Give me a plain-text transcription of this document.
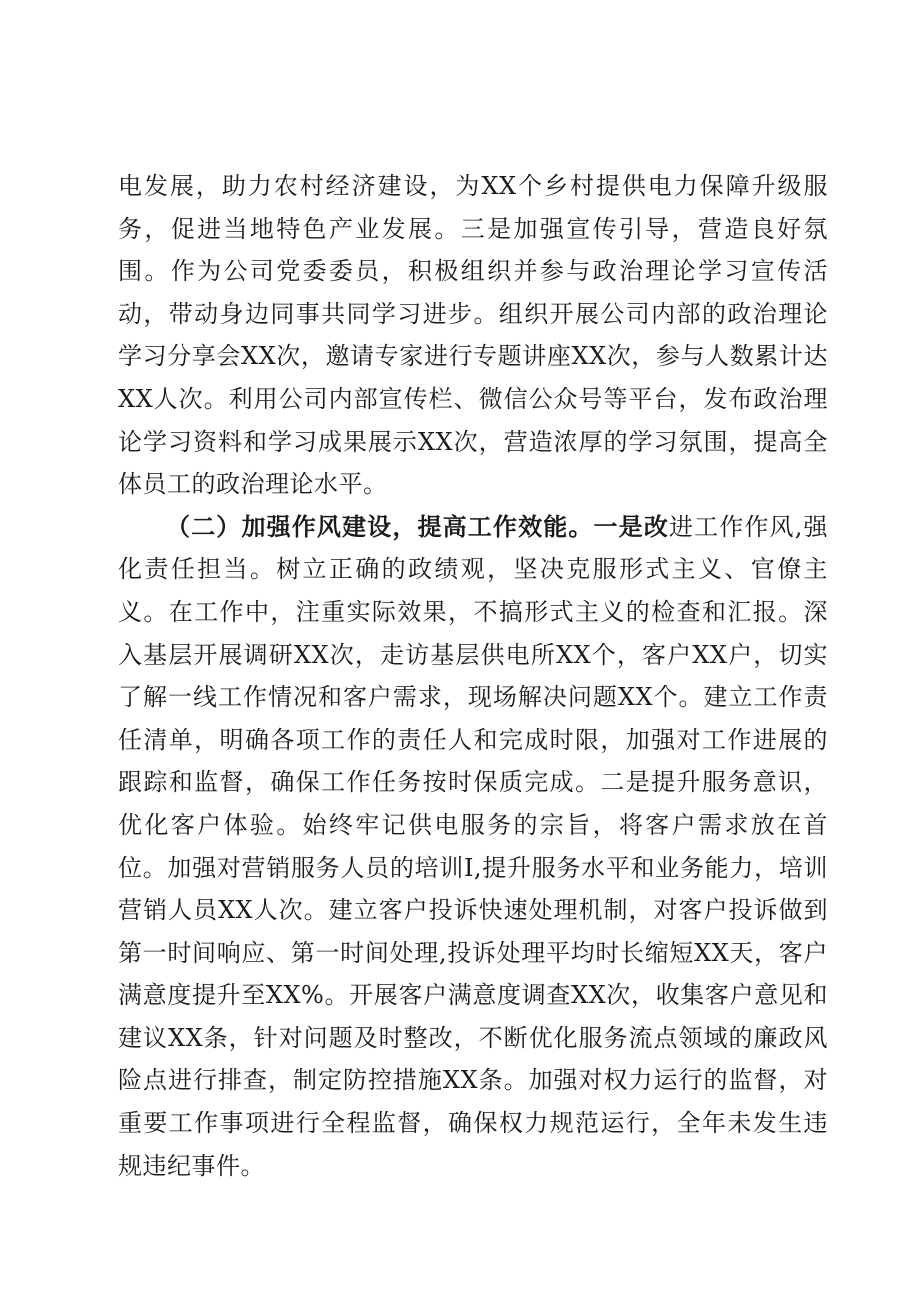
电发展，助力农村经济建设，为XX个乡村提供电力保障升级服务，促进当地特色产业发展。三是加强宣传引导，营造良好氛围。作为公司党委委员，积极组织并参与政治理论学习宣传活动，带动身边同事共同学习进步。组织开展公司内部的政治理论学习分享会XX次，邀请专家进行专题讲座XX次，参与人数累计达XX人次。利用公司内部宣传栏、微信公众号等平台，发布政治理论学习资料和学习成果展示XX次，营造浓厚的学习氛围，提高全体员工的政治理论水平。

（二）加强作风建设，提高工作效能。一是改进工作作风,强化责任担当。树立正确的政绩观，坚决克服形式主义、官僚主义。在工作中，注重实际效果，不搞形式主义的检查和汇报。深入基层开展调研XX次，走访基层供电所XX个，客户XX户，切实了解一线工作情况和客户需求，现场解决问题XX个。建立工作责任清单，明确各项工作的责任人和完成时限，加强对工作进展的跟踪和监督，确保工作任务按时保质完成。二是提升服务意识，优化客户体验。始终牢记供电服务的宗旨，将客户需求放在首位。加强对营销服务人员的培训I,提升服务水平和业务能力，培训营销人员XX人次。建立客户投诉快速处理机制，对客户投诉做到第一时间响应、第一时间处理,投诉处理平均时长缩短XX天，客户满意度提升至XX%。开展客户满意度调查XX次，收集客户意见和建议XX条，针对问题及时整改，不断优化服务流点领域的廉政风险点进行排查，制定防控措施XX条。加强对权力运行的监督，对重要工作事项进行全程监督，确保权力规范运行，全年未发生违规违纪事件。
